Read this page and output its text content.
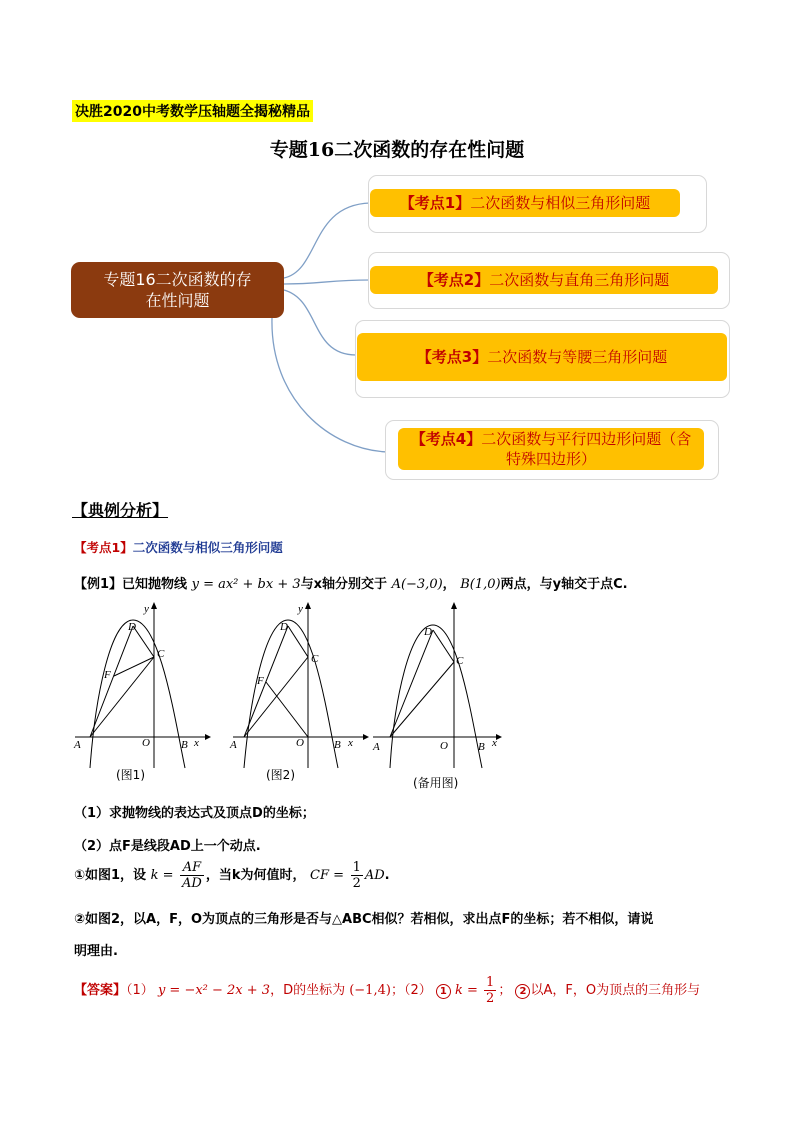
决胜2020中考数学压轴题全揭秘精品
专题16二次函数的存在性问题
专题16二次函数的存在性问题
【考点1】 二次函数与相似三角形问题
【考点2】 二次函数与直角三角形问题
【考点3】 二次函数与等腰三角形问题
【考点4】二次函数与平行四边形问题（含特殊四边形）
【典例分析】
【考点1】二次函数与相似三角形问题
【例1】已知抛物线 y = ax² + bx + 3与x轴分别交于 A(−3,0)， B(1,0)两点，与y轴交于点C.
y
D
C
F
A	O	B x
(图1)
y
D
C
F
A	O	B x
(图2)
D
C
A	O	B x
(备用图)
（1）求抛物线的表达式及顶点D的坐标；
（2）点F是线段AD上一个动点.
①如图1，设 $k = \frac{AF}{AD}$ ，当k为何值时， CF = $\frac{1}{2}$ AD.
②如图2，以A，F，O为顶点的三角形是否与△ABC相似？若相似，求出点F的坐标；若不相似，请说
明理由.
【答案】（1） y = −x² − 2x + 3，D的坐标为 (−1,4)；（2） 1 $k = \frac{1}{2}$ ； 2 以A，F，O为顶点的三角形与
